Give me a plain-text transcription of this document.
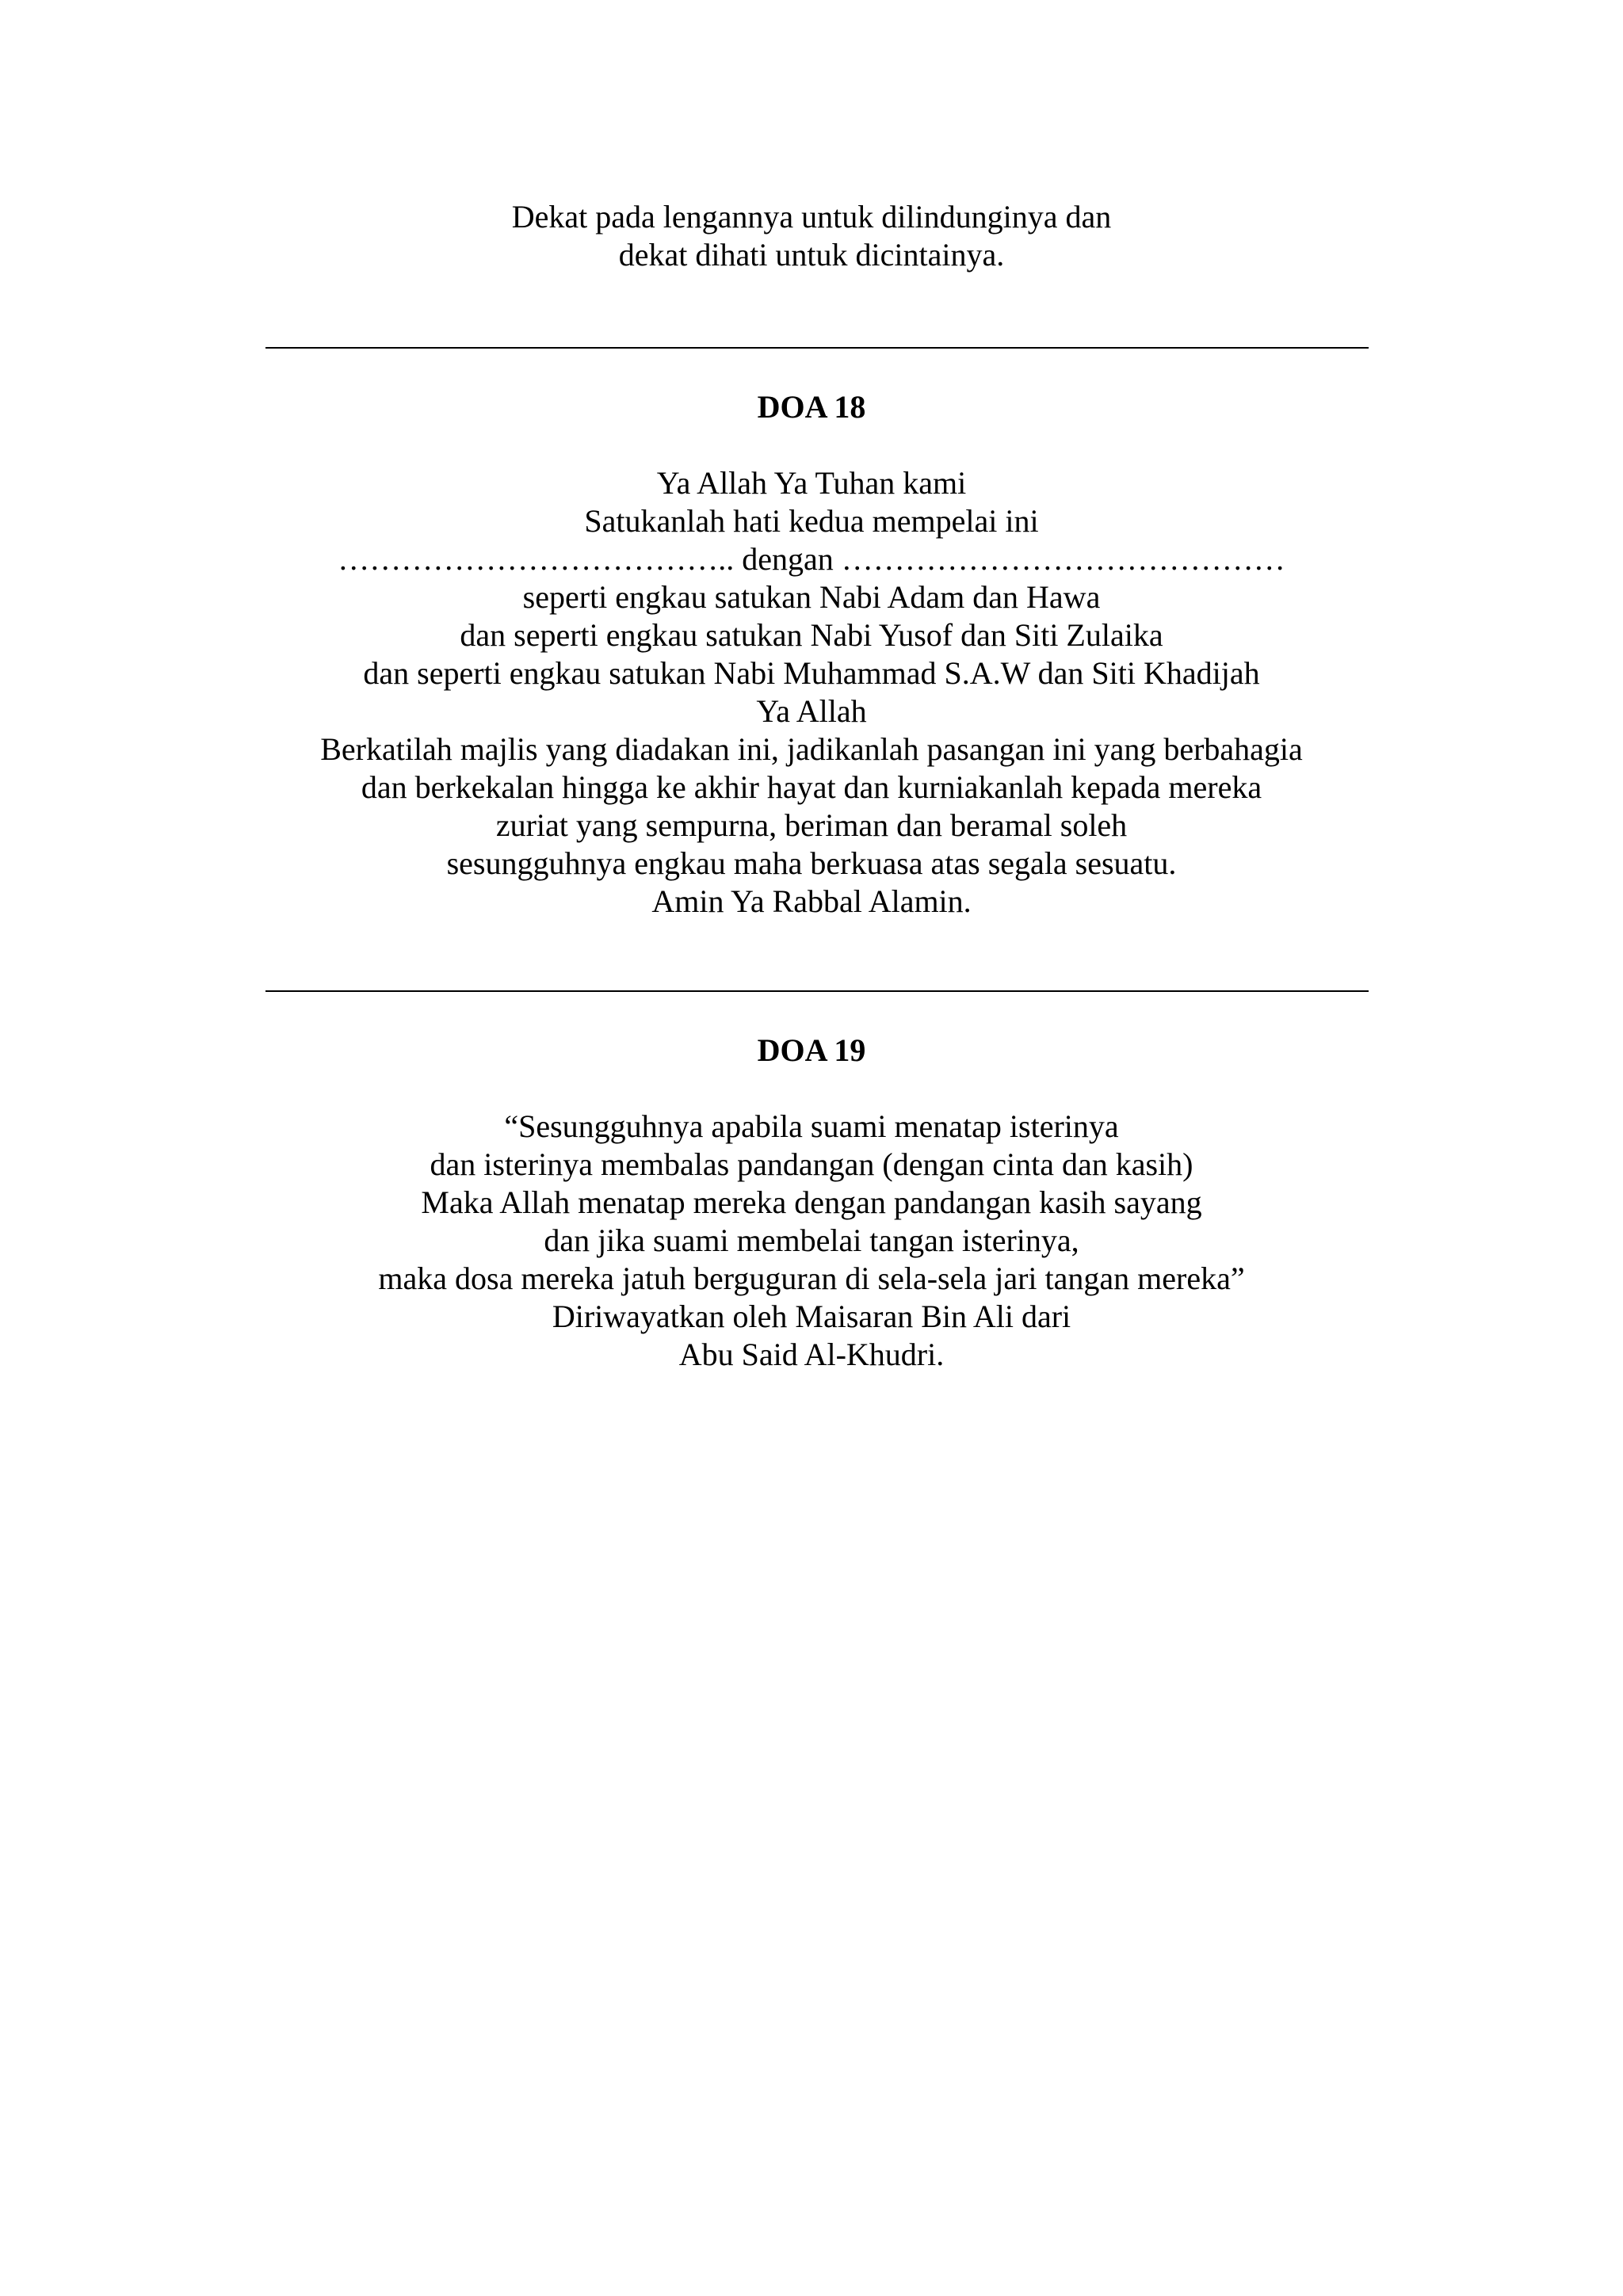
Dekat pada lengannya untuk dilindunginya dan
dekat dihati untuk dicintainya.
DOA 18
Ya Allah Ya Tuhan kami
Satukanlah hati kedua mempelai ini
……………………………….. dengan ……………………………………
seperti engkau satukan Nabi Adam dan Hawa
dan seperti engkau satukan Nabi Yusof dan Siti Zulaika
dan seperti engkau satukan Nabi Muhammad S.A.W dan Siti Khadijah
Ya Allah
Berkatilah majlis yang diadakan ini, jadikanlah pasangan ini yang berbahagia
dan berkekalan hingga ke akhir hayat dan kurniakanlah kepada mereka
zuriat yang sempurna, beriman dan beramal soleh
sesungguhnya engkau maha berkuasa atas segala sesuatu.
Amin Ya Rabbal Alamin.
DOA 19
“Sesungguhnya apabila suami menatap isterinya
dan isterinya membalas pandangan (dengan cinta dan kasih)
Maka Allah menatap mereka dengan pandangan kasih sayang
dan jika suami membelai tangan isterinya,
maka dosa mereka jatuh berguguran di sela-sela jari tangan mereka”
Diriwayatkan oleh Maisaran Bin Ali dari
Abu Said Al-Khudri.
